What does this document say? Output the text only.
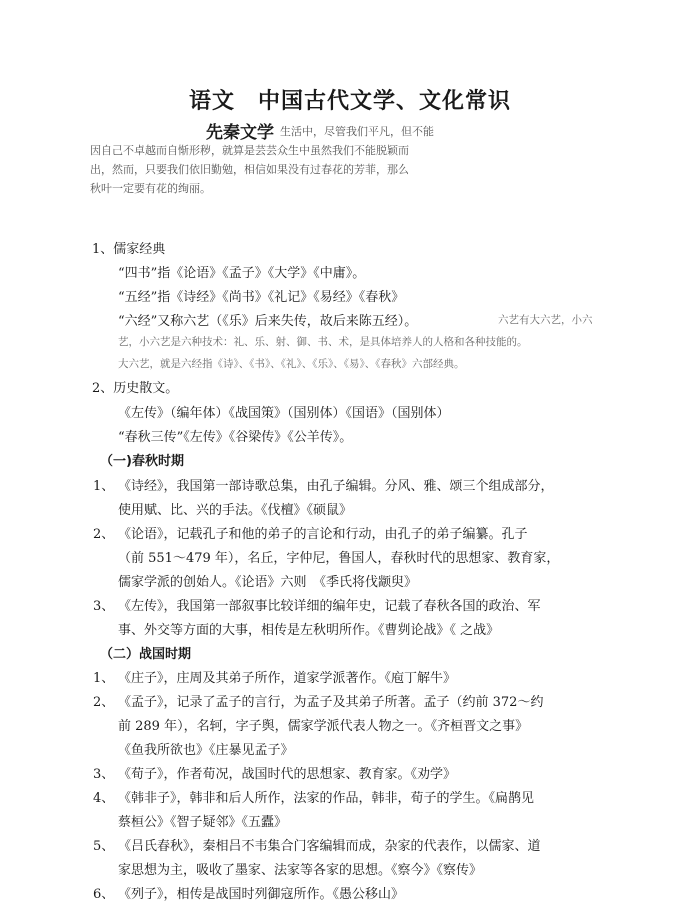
语文　中国古代文学、文化常识
先秦文学 生活中，尽管我们平凡，但不能
因自己不卓越而自惭形秽，就算是芸芸众生中虽然我们不能脱颖而
出，然而，只要我们依旧勤勉，相信如果没有过春花的芳菲，那么
秋叶一定要有花的绚丽。
1、儒家经典
“四书”指《论语》《孟子》《大学》《中庸》。
“五经”指《诗经》《尚书》《礼记》《易经》《春秋》
“六经”又称六艺（《乐》后来失传，故后来陈五经）。	六艺有大六艺，小六
艺，小六艺是六种技术：礼、乐、射、御、书、术，是具体培养人的人格和各种技能的。
大六艺，就是六经指《诗》、《书》、《礼》、《乐》、《易》、《春秋》六部经典。
2、历史散文。
《左传》（编年体）《战国策》（国别体）《国语》（国别体）
“春秋三传”《左传》《谷梁传》《公羊传》。
（一)春秋时期
1、 《诗经》，我国第一部诗歌总集，由孔子编辑。分风、雅、颂三个组成部分，
使用赋、比、兴的手法。《伐檀》《硕鼠》
2、 《论语》，记载孔子和他的弟子的言论和行动，由孔子的弟子编纂。孔子
（前 551～479 年），名丘，字仲尼，鲁国人，春秋时代的思想家、教育家，
儒家学派的创始人。《论语》六则　《季氏将伐颛臾》
3、 《左传》，我国第一部叙事比较详细的编年史，记载了春秋各国的政治、军
事、外交等方面的大事，相传是左秋明所作。《曹刿论战》《 之战》
（二）战国时期
1、 《庄子》，庄周及其弟子所作，道家学派著作。《庖丁解牛》
2、 《孟子》，记录了孟子的言行，为孟子及其弟子所著。孟子（约前 372～约
前 289 年），名轲，字子舆，儒家学派代表人物之一。《齐桓晋文之事》
《鱼我所欲也》《庄暴见孟子》
3、 《荀子》，作者荀况，战国时代的思想家、教育家。《劝学》
4、 《韩非子》，韩非和后人所作，法家的作品，韩非，荀子的学生。《扁鹊见
蔡桓公》《智子疑邻》《五蠹》
5、 《吕氏春秋》，秦相吕不韦集合门客编辑而成，杂家的代表作，以儒家、道
家思想为主，吸收了墨家、法家等各家的思想。《察今》《察传》
6、 《列子》，相传是战国时列御寇所作。《愚公移山》
